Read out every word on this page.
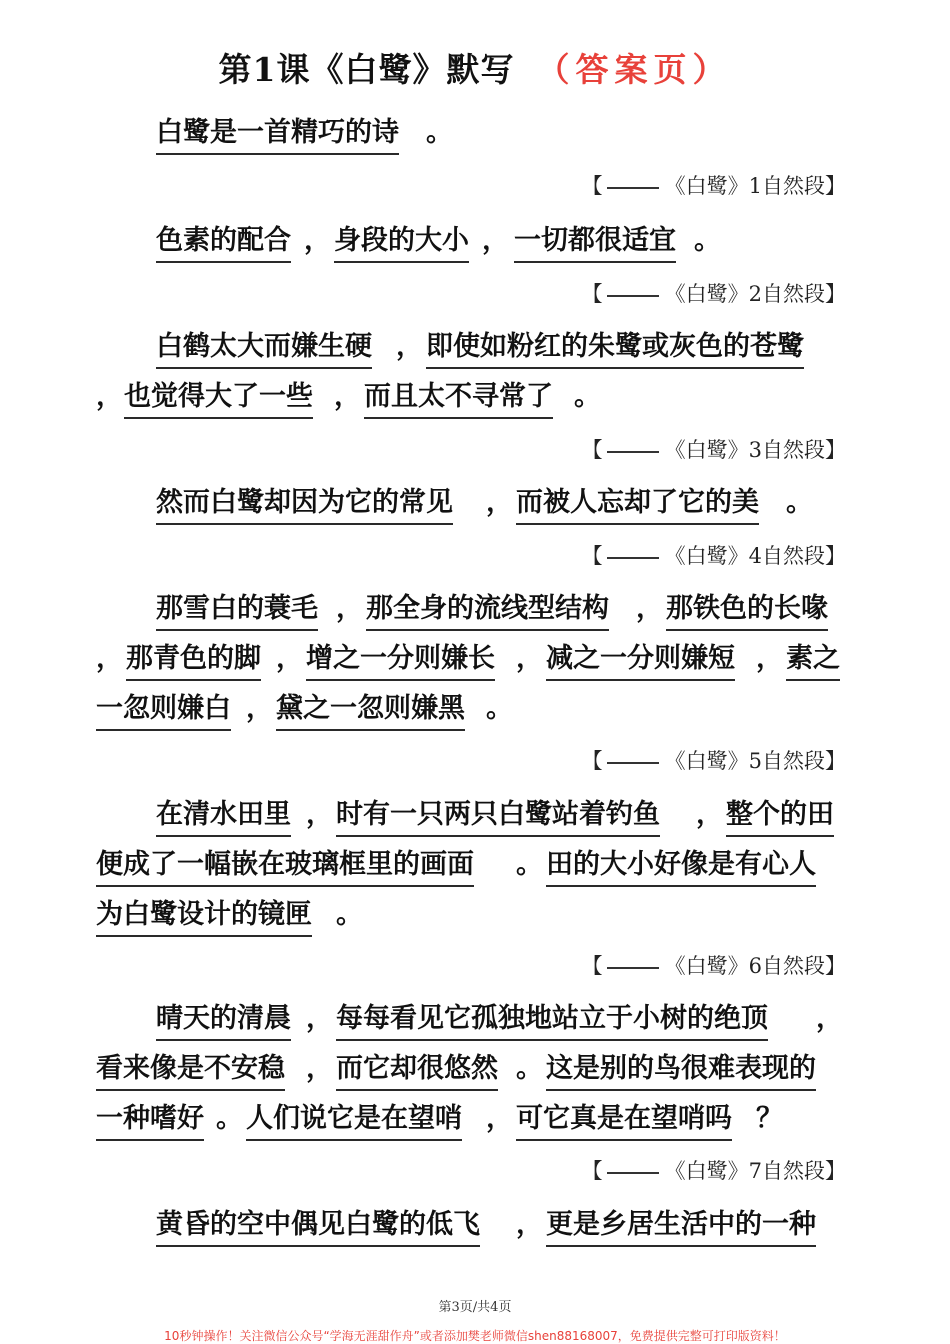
第1课《白鹭》默写 （答案页）
白鹭是一首精巧的诗 。
【	《白鹭》1自然段】
色素的配合 ， 身段的大小 ， 一切都很适宜 。
【	《白鹭》2自然段】
白鹤太大而嫌生硬 ， 即使如粉红的朱鹭或灰色的苍鹭
， 也觉得大了一些 ， 而且太不寻常了 。
【	《白鹭》3自然段】
然而白鹭却因为它的常见 ， 而被人忘却了它的美 。
【	《白鹭》4自然段】
那雪白的蓑毛 ， 那全身的流线型结构 ， 那铁色的长喙
， 那青色的脚 ， 增之一分则嫌长 ， 减之一分则嫌短 ， 素之
一忽则嫌白 ， 黛之一忽则嫌黑 。
【	《白鹭》5自然段】
在清水田里 ， 时有一只两只白鹭站着钓鱼 ， 整个的田
便成了一幅嵌在玻璃框里的画面 。 田的大小好像是有心人
为白鹭设计的镜匣 。
【	《白鹭》6自然段】
晴天的清晨 ， 每每看见它孤独地站立于小树的绝顶 ，
看来像是不安稳 ， 而它却很悠然 。 这是别的鸟很难表现的
一种嗜好 。 人们说它是在望哨 ， 可它真是在望哨吗 ？
【	《白鹭》7自然段】
黄昏的空中偶见白鹭的低飞 ， 更是乡居生活中的一种
第3页/共4页
10秒钟操作！关注微信公众号“学海无涯甜作舟”或者添加樊老师微信shen88168007，免费提供完整可打印版资料！
